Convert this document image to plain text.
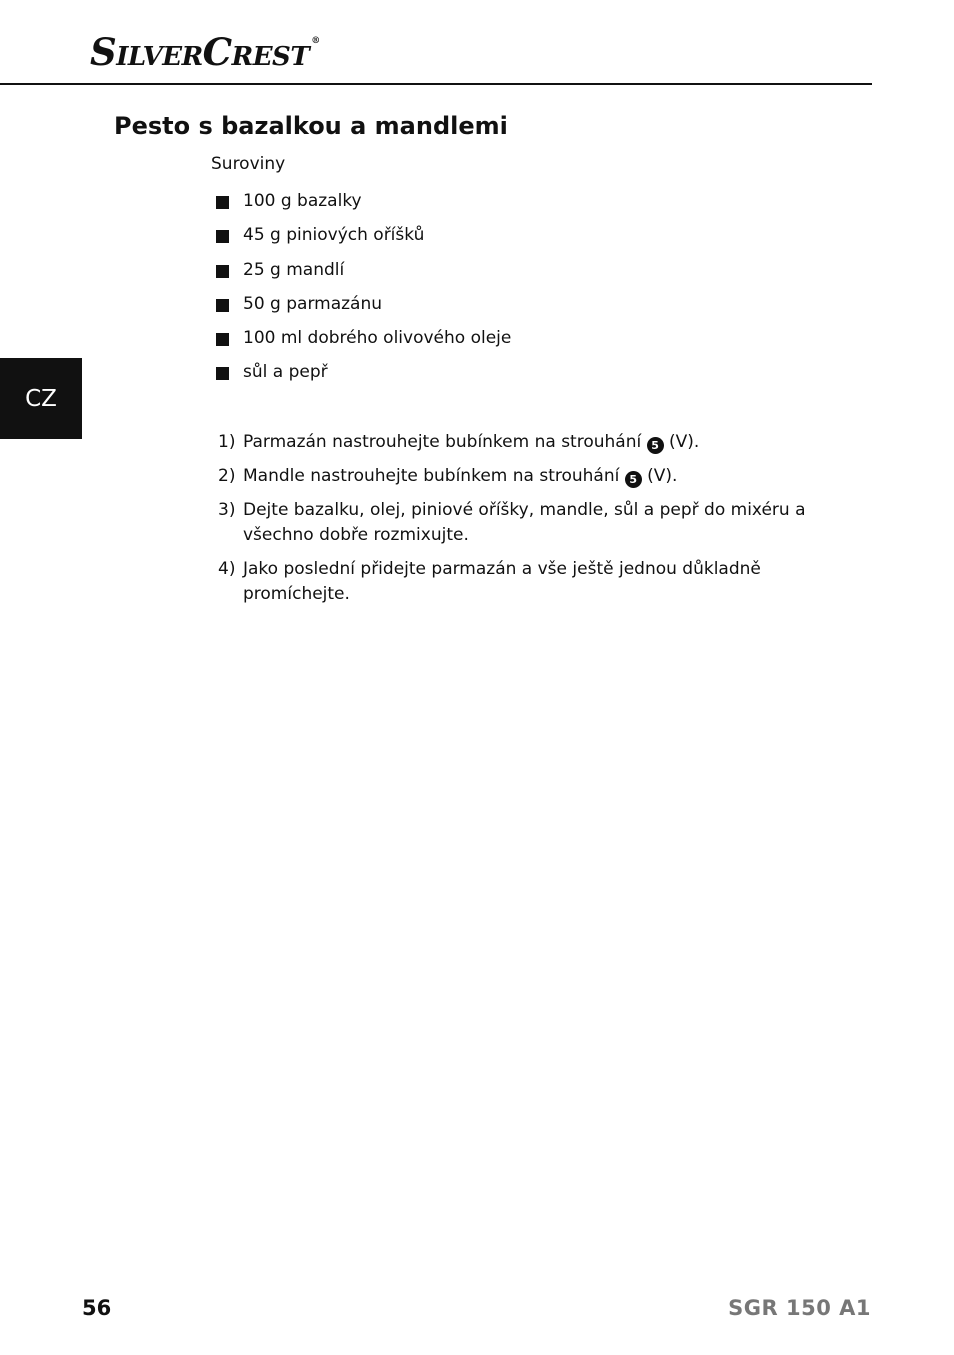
SilverCrest ®
CZ
Pesto s bazalkou a mandlemi
Suroviny
100 g bazalky
45 g piniových oříšků
25 g mandlí
50 g parmazánu
100 ml dobrého olivového oleje
sůl a pepř
1) Parmazán nastrouhejte bubínkem na strouhání 5 (V).
2) Mandle nastrouhejte bubínkem na strouhání 5 (V).
3) Dejte bazalku, olej, piniové oříšky, mandle, sůl a pepř do mixéru a všechno dobře rozmixujte.
4) Jako poslední přidejte parmazán a vše ještě jednou důkladně promíchejte.
56	SGR 150 A1
